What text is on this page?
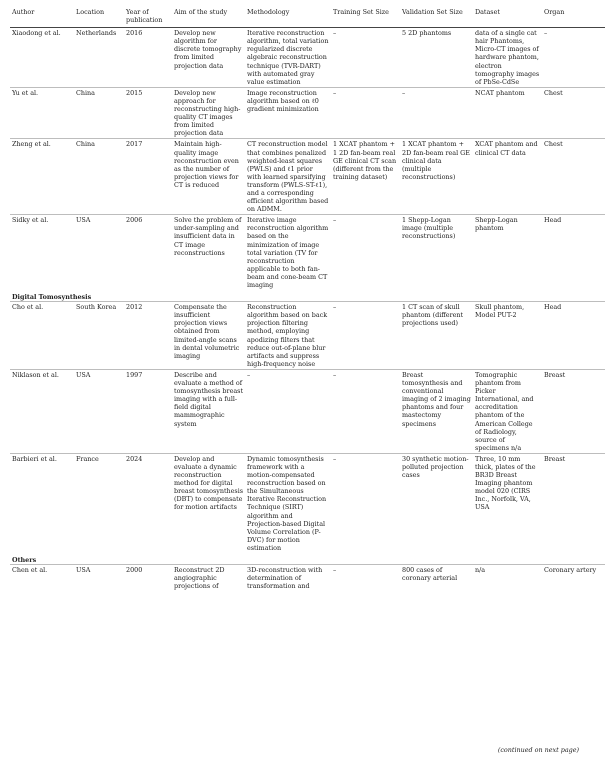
Author	Location	Year of publication	Aim of the study	Methodology	Training Set Size	Validation Set Size	Dataset	Organ
Xiaodong et al.	Netherlands	2016	Develop new algorithm for discrete tomography from limited projection data	Iterative reconstruction algorithm, total variation regularized discrete algebraic reconstruction technique (TVR-DART) with automated gray value estimation	–	5 2D phantoms	data of a single cat hair Phantoms, Micro-CT images of hardware phantom, electron tomography images of PbSe-CdSe	–
Yu et al.	China	2015	Develop new approach for reconstructing high-quality CT images from limited projection data	Image reconstruction algorithm based on ℓ0 gradient minimization	–	–	NCAT phantom	Chest
Zheng et al.	China	2017	Maintain high-quality image reconstruction even as the number of projection views for CT is reduced	CT reconstruction model that combines penalized weighted-least squares (PWLS) and ℓ1 prior with learned sparsifying transform (PWLS-ST-ℓ1), and a corresponding efficient algorithm based on ADMM.	1 XCAT phantom + 1 2D fan-beam real GE clinical CT scan (different from the training dataset)	1 XCAT phantom + 2D fan-beam real GE clinical data (multiple reconstructions)	XCAT phantom and clinical CT data	Chest
Sidky et al.	USA	2006	Solve the problem of under-sampling and insufficient data in CT image reconstructions	Iterative image reconstruction algorithm based on the minimization of image total variation (TV for reconstruction applicable to both fan-beam and cone-beam CT imaging	–	1 Shepp-Logan image (multiple reconstructions)	Shepp-Logan phantom	Head
Digital Tomosynthesis								
Cho et al.	South Korea	2012	Compensate the insufficient projection views obtained from limited-angle scans in dental volumetric imaging	Reconstruction algorithm based on back projection filtering method, employing apodizing filters that reduce out-of-plane blur artifacts and suppress high-frequency noise	–	1 CT scan of skull phantom (different projections used)	Skull phantom, Model PUT-2	Head
Niklason et al.	USA	1997	Describe and evaluate a method of tomosynthesis breast imaging with a full-field digital mammographic system	–	–	Breast tomosynthesis and conventional imaging of 2 imaging phantoms and four mastectomy specimens	Tomographic phantom from Picker International, and accreditation phantom of the American College of Radiology, source of specimens n/a	Breast
Barbieri et al.	France	2024	Develop and evaluate a dynamic reconstruction method for digital breast tomosynthesis (DBT) to compensate for motion artifacts	Dynamic tomosynthesis framework with a motion-compensated reconstruction based on the Simultaneous Iterative Reconstruction Technique (SIRT) algorithm and Projection-based Digital Volume Correlation (P-DVC) for motion estimation	–	30 synthetic motion-polluted projection cases	Three, 10 mm thick, plates of the BR3D Breast Imaging phantom model 020 (CIRS Inc., Norfolk, VA, USA	Breast
Others								
Chen et al.	USA	2000	Reconstruct 2D angiographic projections of	3D-reconstruction with determination of transformation and	–	800 cases of coronary arterial	n/a	Coronary artery
(continued on next page)
